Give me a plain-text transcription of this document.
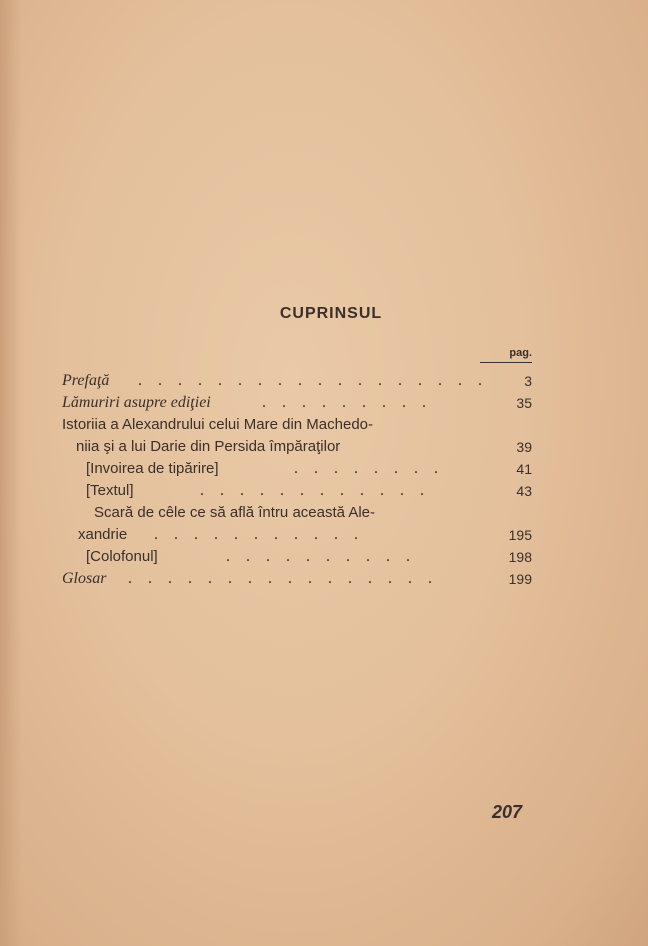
CUPRINSUL
pag.
Prefaţă . . . . . . . . . . . . . . . . . .	3
Lămuriri asupre ediţiei	. . . . . . . . .	35
Istoriia a Alexandrului celui Mare din Machedo-
niia şi a lui Darie din Persida împăraţilor	39
[Invoirea de tipărire]	. . . . . . . .	41
[Textul]	. . . . . . . . . . . .	43
Scară de cêle ce să află întru această Ale-
xandrie . . . . . . . . . . .	195
[Colofonul]	. . . . . . . . . .	198
Glosar . . . . . . . . . . . . . . . .	199
207
